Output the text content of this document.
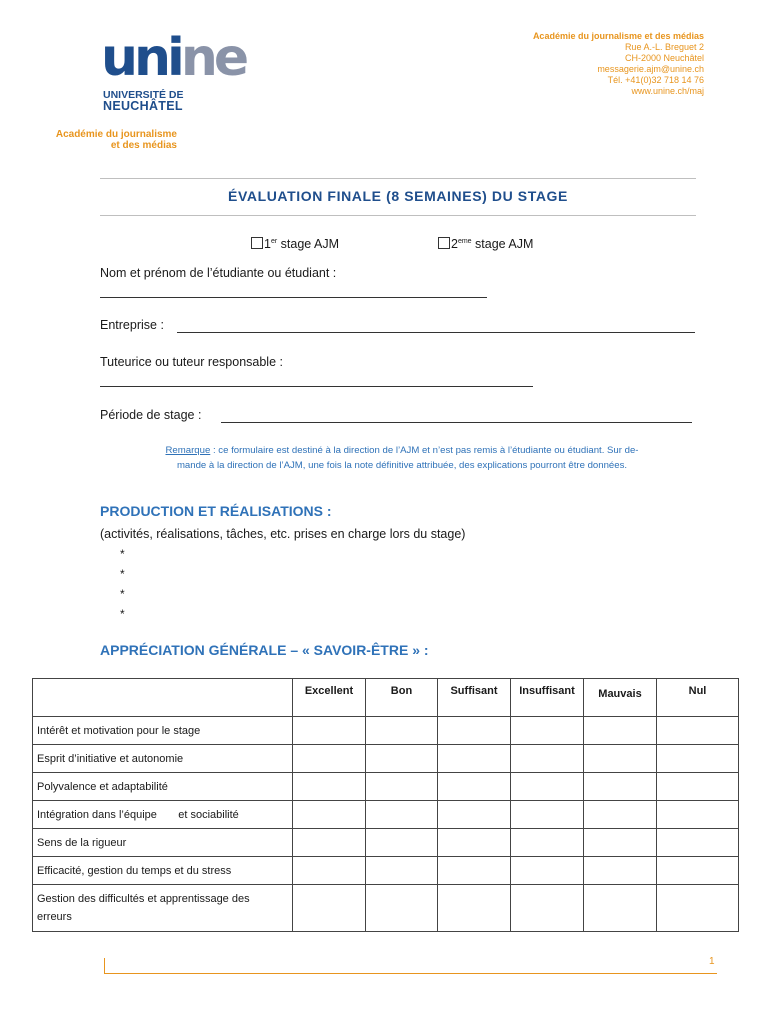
unine
UNIVERSITÉ DE
NEUCHÂTEL
Académie du journalisme
et des médias
Académie du journalisme et des médias
Rue A.-L. Breguet 2
CH-2000 Neuchâtel
messagerie.ajm@unine.ch
Tél. +41(0)32 718 14 76
www.unine.ch/maj
ÉVALUATION FINALE (8 SEMAINES) DU STAGE
1er stage AJM	2eme stage AJM
Nom et prénom de l’étudiante ou étudiant :
Entreprise :
Tuteurice ou tuteur responsable :
Période de stage :
Remarque : ce formulaire est destiné à la direction de l’AJM et n’est pas remis à l’étudiante ou étudiant. Sur de-
mande à la direction de l’AJM, une fois la note définitive attribuée, des explications pourront être données.
PRODUCTION ET RÉALISATIONS :
(activités, réalisations, tâches, etc. prises en charge lors du stage)
*
*
*
*
APPRÉCIATION GÉNÉRALE – « SAVOIR-ÊTRE » :
	Excellent	Bon	Suffisant	Insuffisant	Mauvais	Nul
Intérêt et motivation pour le stage						
Esprit d’initiative et autonomie						
Polyvalence et adaptabilité						
Intégration dans l’équipe       et sociabilité						
Sens de la rigueur						
Efficacité, gestion du temps et du stress						
Gestion des difficultés et apprentissage des erreurs						
1
